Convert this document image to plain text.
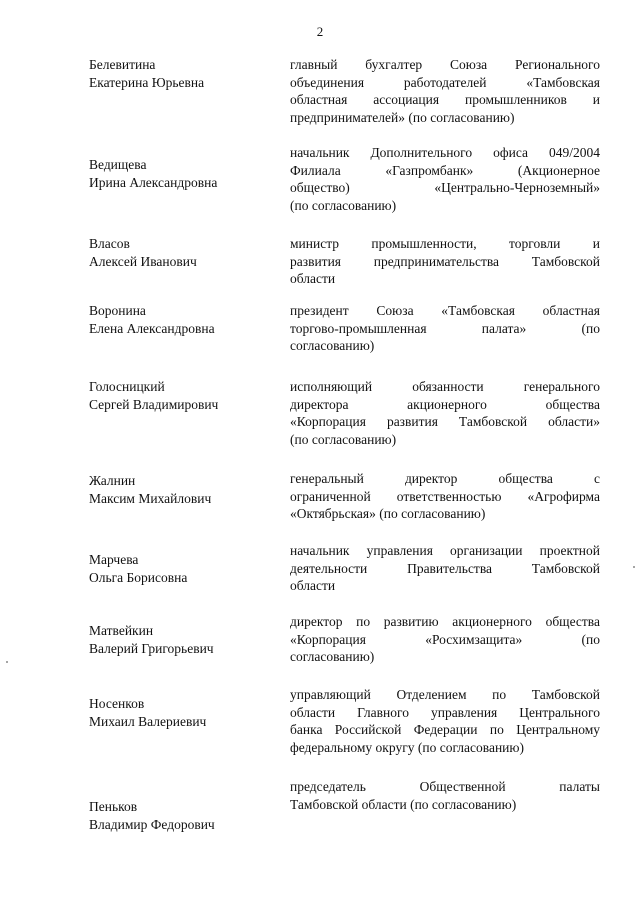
2
Белевитина
Екатерина Юрьевна
главный бухгалтер Союза Регионального
объединения работодателей «Тамбовская
областная ассоциация промышленников и
предпринимателей» (по согласованию)
Ведищева
Ирина Александровна
начальник Дополнительного офиса 049/2004
Филиала «Газпромбанк» (Акционерное
общество) «Центрально-Черноземный»
(по согласованию)
Власов
Алексей Иванович
министр промышленности, торговли и
развития предпринимательства Тамбовской
области
Воронина
Елена Александровна
президент Союза «Тамбовская областная
торгово-промышленная палата» (по
согласованию)
Голосницкий
Сергей Владимирович
исполняющий обязанности генерального
директора акционерного общества
«Корпорация развития Тамбовской области»
(по согласованию)
Жалнин
Максим Михайлович
генеральный директор общества с
ограниченной ответственностью «Агрофирма
«Октябрьская» (по согласованию)
Марчева
Ольга Борисовна
начальник управления организации проектной
деятельности Правительства Тамбовской
области
Матвейкин
Валерий Григорьевич
директор по развитию акционерного общества
«Корпорация «Росхимзащита» (по
согласованию)
Носенков
Михаил Валериевич
управляющий Отделением по Тамбовской
области Главного управления Центрального
банка Российской Федерации по Центральному
федеральному округу (по согласованию)
Пеньков
Владимир Федорович
председатель Общественной палаты
Тамбовской области (по согласованию)
